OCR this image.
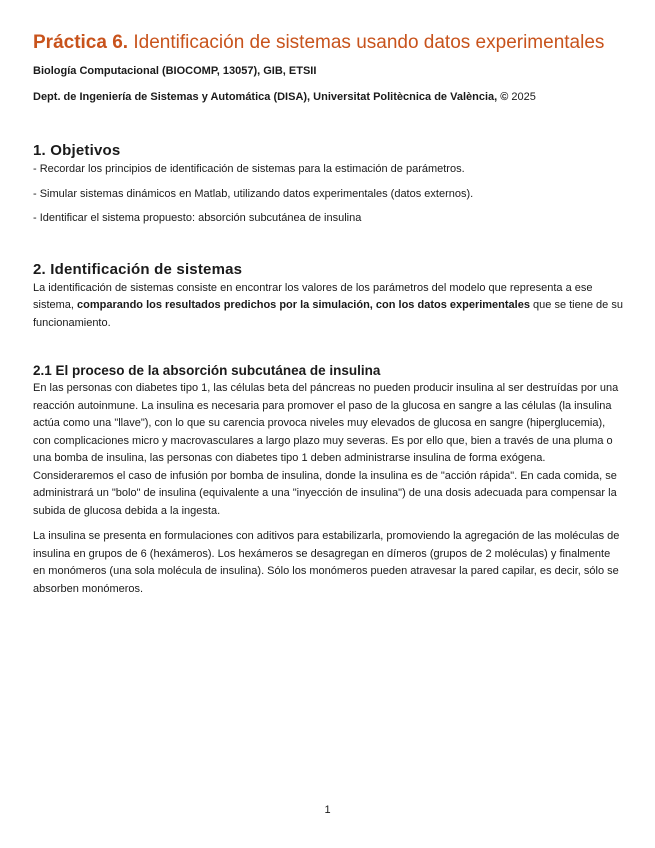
Práctica 6. Identificación de sistemas usando datos experimentales
Biología Computacional (BIOCOMP, 13057), GIB, ETSII
Dept. de Ingeniería de Sistemas y Automática (DISA), Universitat Politècnica de València, © 2025
1. Objetivos

- Recordar los principios de identificación de sistemas para la estimación de parámetros.

- Simular sistemas dinámicos en Matlab, utilizando datos experimentales (datos externos).

- Identificar el sistema propuesto: absorción subcutánea de insulina

2. Identificación de sistemas

La identificación de sistemas consiste en encontrar los valores de los parámetros del modelo que representa a ese sistema, comparando los resultados predichos por la simulación, con los datos experimentales que se tiene de su funcionamiento.

2.1 El proceso de la absorción subcutánea de insulina

En las personas con diabetes tipo 1, las células beta del páncreas no pueden producir insulina al ser destruídas por una reacción autoinmune. La insulina es necesaria para promover el paso de la glucosa en sangre a las células (la insulina actúa como una "llave"), con lo que su carencia provoca niveles muy elevados de glucosa en sangre (hiperglucemia), con complicaciones micro y macrovasculares a largo plazo muy severas. Es por ello que, bien a través de una pluma o una bomba de insulina, las personas con diabetes tipo 1 deben administrarse insulina de forma exógena. Consideraremos el caso de infusión por bomba de insulina, donde la insulina es de "acción rápida". En cada comida, se administrará un "bolo" de insulina (equivalente a una "inyección de insulina") de una dosis adecuada para compensar la subida de glucosa debida a la ingesta.

La insulina se presenta en formulaciones con aditivos para estabilizarla, promoviendo la agregación de las moléculas de insulina en grupos de 6 (hexámeros). Los hexámeros se desagregan en dímeros (grupos de 2 moléculas) y finalmente en monómeros (una sola molécula de insulina). Sólo los monómeros pueden atravesar la pared capilar, es decir, sólo se absorben monómeros.

1
